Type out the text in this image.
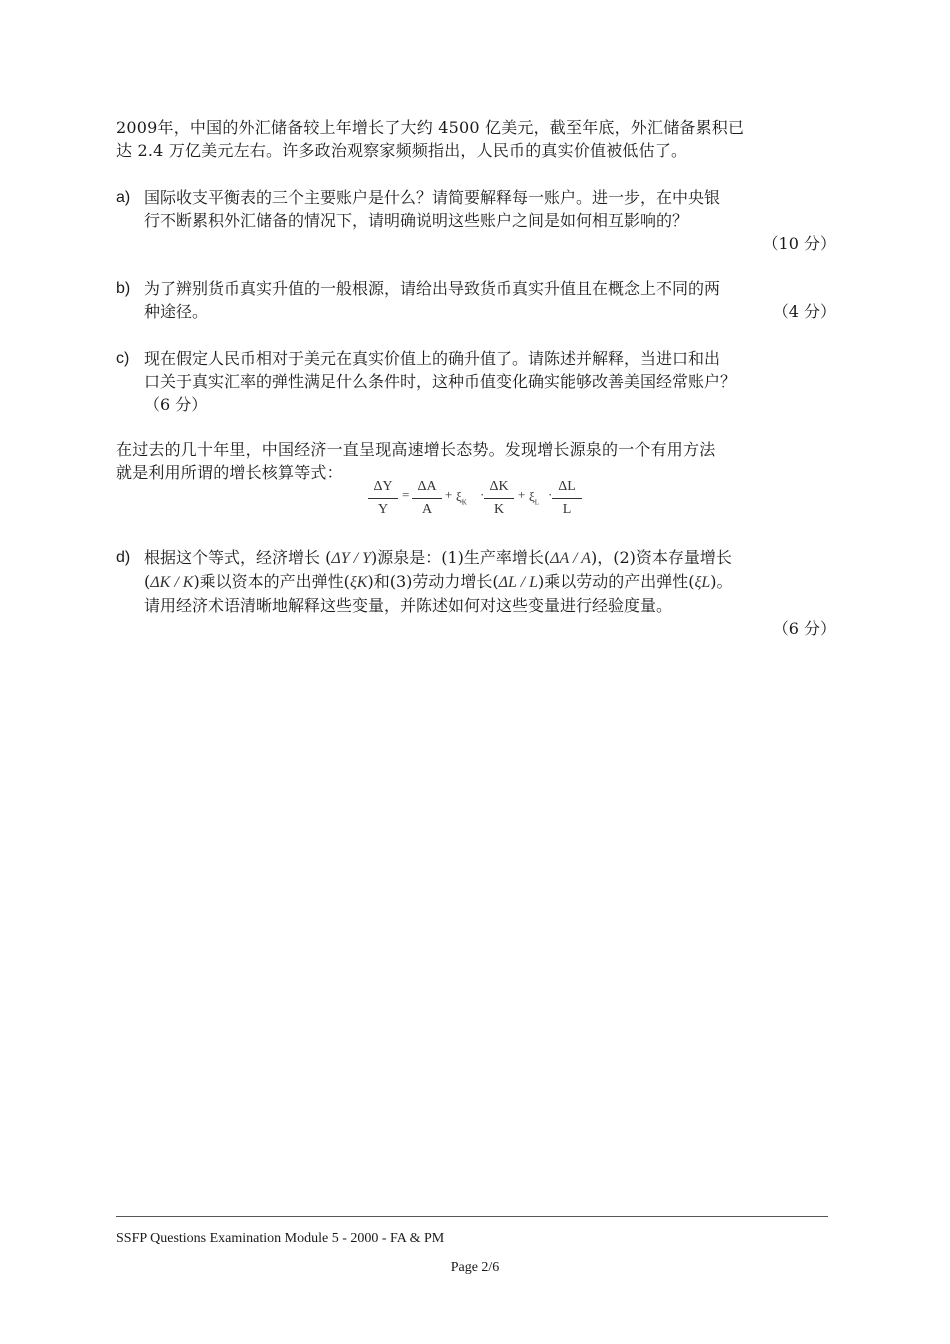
2009年，中国的外汇储备较上年增长了大约 4500 亿美元，截至年底，外汇储备累积已
达 2.4 万亿美元左右。许多政治观察家频频指出，人民币的真实价值被低估了。
a) 国际收支平衡表的三个主要账户是什么？请简要解释每一账户。进一步，在中央银
行不断累积外汇储备的情况下，请明确说明这些账户之间是如何相互影响的？
（10 分）
b) 为了辨别货币真实升值的一般根源，请给出导致货币真实升值且在概念上不同的两
种途径。	（4 分）
c) 现在假定人民币相对于美元在真实价值上的确升值了。请陈述并解释，当进口和出
口关于真实汇率的弹性满足什么条件时，这种币值变化确实能够改善美国经常账户？
（6 分）
在过去的几十年里，中国经济一直呈现高速增长态势。发现增长源泉的一个有用方法
就是利用所谓的增长核算等式：
ΔY
Y
=
ΔA
A
+ $\xi_K$
·
ΔK
K
+ $\xi_L$
·
ΔL
L
d) 根据这个等式，经济增长 (ΔY / Y)源泉是：(1)生产率增长(ΔA / A)，(2)资本存量增长
(ΔK / K)乘以资本的产出弹性(ξK)和(3)劳动力增长(ΔL / L)乘以劳动的产出弹性(ξL)。
请用经济术语清晰地解释这些变量，并陈述如何对这些变量进行经验度量。
（6 分）
SSFP Questions Examination Module 5 - 2000 - FA & PM
Page 2/6
